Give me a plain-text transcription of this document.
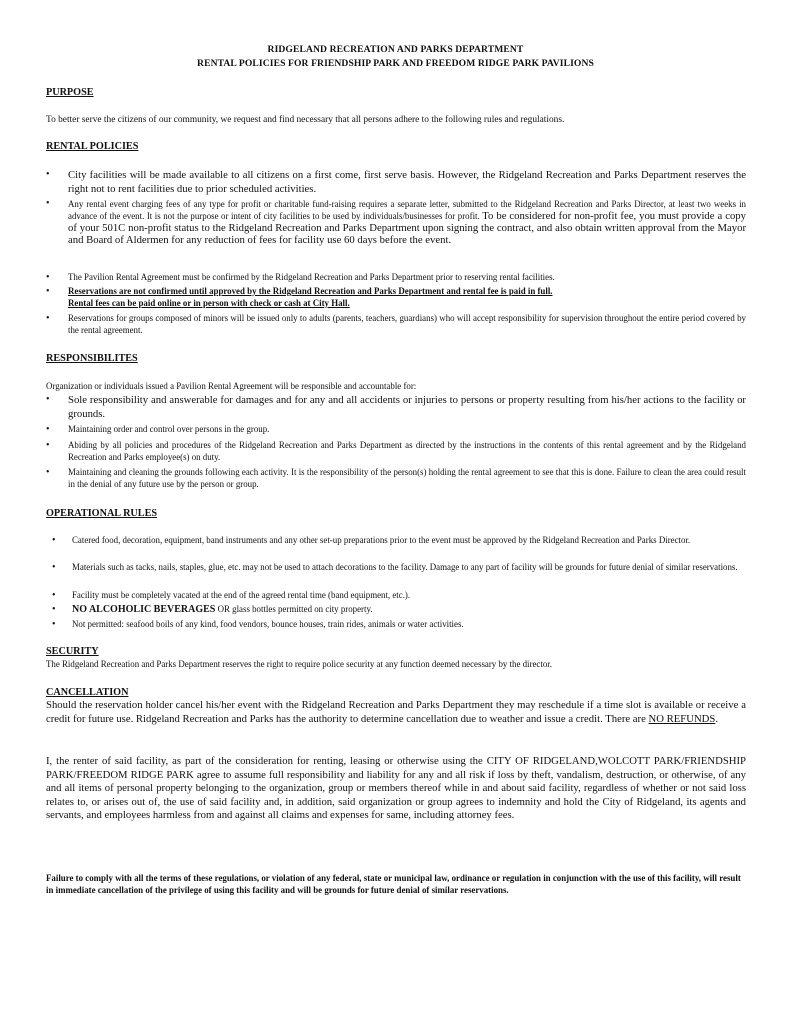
RIDGELAND RECREATION AND PARKS DEPARTMENT
RENTAL POLICIES FOR FRIENDSHIP PARK AND FREEDOM RIDGE PARK PAVILIONS
PURPOSE
To better serve the citizens of our community, we request and find necessary that all persons adhere to the following rules and regulations.
RENTAL POLICIES
• City facilities will be made available to all citizens on a first come, first serve basis. However, the Ridgeland Recreation and Parks Department reserves the right not to rent facilities due to prior scheduled activities.
• Any rental event charging fees of any type for profit or charitable fund-raising requires a separate letter, submitted to the Ridgeland Recreation and Parks Director, at least two weeks in advance of the event. It is not the purpose or intent of city facilities to be used by individuals/businesses for profit. To be considered for non-profit fee, you must provide a copy of your 501C non-profit status to the Ridgeland Recreation and Parks Department upon signing the contract, and also obtain written approval from the Mayor and Board of Aldermen for any reduction of fees for facility use 60 days before the event.
• The Pavilion Rental Agreement must be confirmed by the Ridgeland Recreation and Parks Department prior to reserving rental facilities.
• Reservations are not confirmed until approved by the Ridgeland Recreation and Parks Department and rental fee is paid in full.
Rental fees can be paid online or in person with check or cash at City Hall.
• Reservations for groups composed of minors will be issued only to adults (parents, teachers, guardians) who will accept responsibility for supervision throughout the entire period covered by the rental agreement.
RESPONSIBILITES
Organization or individuals issued a Pavilion Rental Agreement will be responsible and accountable for:
• Sole responsibility and answerable for damages and for any and all accidents or injuries to persons or property resulting from his/her actions to the facility or grounds.
• Maintaining order and control over persons in the group.
• Abiding by all policies and procedures of the Ridgeland Recreation and Parks Department as directed by the instructions in the contents of this rental agreement and by the Ridgeland Recreation and Parks employee(s) on duty.
• Maintaining and cleaning the grounds following each activity. It is the responsibility of the person(s) holding the rental agreement to see that this is done. Failure to clean the area could result in the denial of any future use by the person or group.
OPERATIONAL RULES
• Catered food, decoration, equipment, band instruments and any other set-up preparations prior to the event must be approved by the Ridgeland Recreation and Parks Director.
• Materials such as tacks, nails, staples, glue, etc. may not be used to attach decorations to the facility. Damage to any part of facility will be grounds for future denial of similar reservations.
• Facility must be completely vacated at the end of the agreed rental time (band equipment, etc.).
• NO ALCOHOLIC BEVERAGES OR glass bottles permitted on city property.
• Not permitted: seafood boils of any kind, food vendors, bounce houses, train rides, animals or water activities.
SECURITY
The Ridgeland Recreation and Parks Department reserves the right to require police security at any function deemed necessary by the director.
CANCELLATION
Should the reservation holder cancel his/her event with the Ridgeland Recreation and Parks Department they may reschedule if a time slot is available or receive a credit for future use. Ridgeland Recreation and Parks has the authority to determine cancellation due to weather and issue a credit. There are NO REFUNDS.
I, the renter of said facility, as part of the consideration for renting, leasing or otherwise using the CITY OF RIDGELAND,WOLCOTT PARK/FRIENDSHIP PARK/FREEDOM RIDGE PARK agree to assume full responsibility and liability for any and all risk if loss by theft, vandalism, destruction, or otherwise, of any and all items of personal property belonging to the organization, group or members thereof while in and about said facility, regardless of whether or not said loss relates to, or arises out of, the use of said facility and, in addition, said organization or group agrees to indemnity and hold the City of Ridgeland, its agents and servants, and employees harmless from and against all claims and expenses for same, including attorney fees.
Failure to comply with all the terms of these regulations, or violation of any federal, state or municipal law, ordinance or regulation in conjunction with the use of this facility, will result in immediate cancellation of the privilege of using this facility and will be grounds for future denial of similar reservations.
